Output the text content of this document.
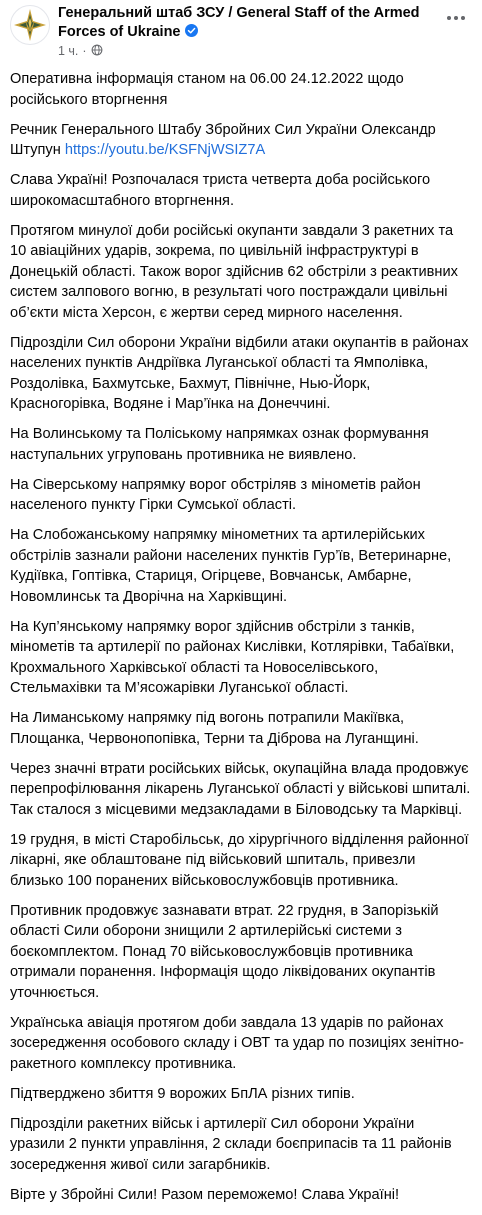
Генеральний штаб ЗСУ / General Staff of the Armed Forces of Ukraine
1 ч. ·

Оперативна інформація станом на 06.00 24.12.2022 щодо російського вторгнення

Речник Генерального Штабу Збройних Сил України Олександр Штупун https://youtu.be/KSFNjWSIZ7A

Слава Україні! Розпочалася триста четверта доба російського широкомасштабного вторгнення.

Протягом минулої доби російські окупанти завдали 3 ракетних та 10 авіаційних ударів, зокрема, по цивільній інфраструктурі в Донецькій області. Також ворог здійснив 62 обстріли з реактивних систем залпового вогню, в результаті чого постраждали цивільні об’єкти міста Херсон, є жертви серед мирного населення.

Підрозділи Сил оборони України відбили атаки окупантів в районах населених пунктів Андріївка Луганської області та Ямполівка, Роздолівка, Бахмутське, Бахмут, Північне, Нью-Йорк, Красногорівка, Водяне і Мар’їнка на Донеччині.

На Волинському та Поліському напрямках ознак формування наступальних угруповань противника не виявлено.

На Сіверському напрямку ворог обстріляв з мінометів район населеного пункту Гірки Сумської області.

На Слобожанському напрямку мінометних та артилерійських обстрілів зазнали райони населених пунктів Гур’їв, Ветеринарне, Кудіївка, Гоптівка, Стариця, Огірцеве, Вовчанськ, Амбарне, Новомлинськ та Дворічна на Харківщині.

На Куп’янському напрямку ворог здійснив обстріли з танків, мінометів та артилерії по районах Кислівки, Котлярівки, Табаївки, Крохмального Харківської області та Новоселівського, Стельмахівки та М’ясожарівки Луганської області.

На Лиманському напрямку під вогонь потрапили Макіївка, Площанка, Червонопопівка, Терни та Діброва на Луганщині.

Через значні втрати російських військ, окупаційна влада продовжує перепрофілювання лікарень Луганської області у військові шпиталі. Так сталося з місцевими медзакладами в Біловодську та Марківці.

19 грудня, в місті Старобільськ, до хірургічного відділення районної лікарні, яке облаштоване під військовий шпиталь, привезли близько 100 поранених військовослужбовців противника.

Противник продовжує зазнавати втрат. 22 грудня, в Запорізькій області Сили оборони знищили 2 артилерійські системи з боєкомплектом. Понад 70 військовослужбовців противника отримали поранення. Інформація щодо ліквідованих окупантів уточнюється.

Українська авіація протягом доби завдала 13 ударів по районах зосередження особового складу і ОВТ та удар по позиціях зенітно-ракетного комплексу противника.

Підтверджено збиття 9 ворожих БпЛА різних типів.

Підрозділи ракетних військ і артилерії Сил оборони України уразили 2 пункти управління, 2 склади боєприпасів та 11 районів зосередження живої сили загарбників.

Вірте у Збройні Сили! Разом переможемо! Слава Україні!
